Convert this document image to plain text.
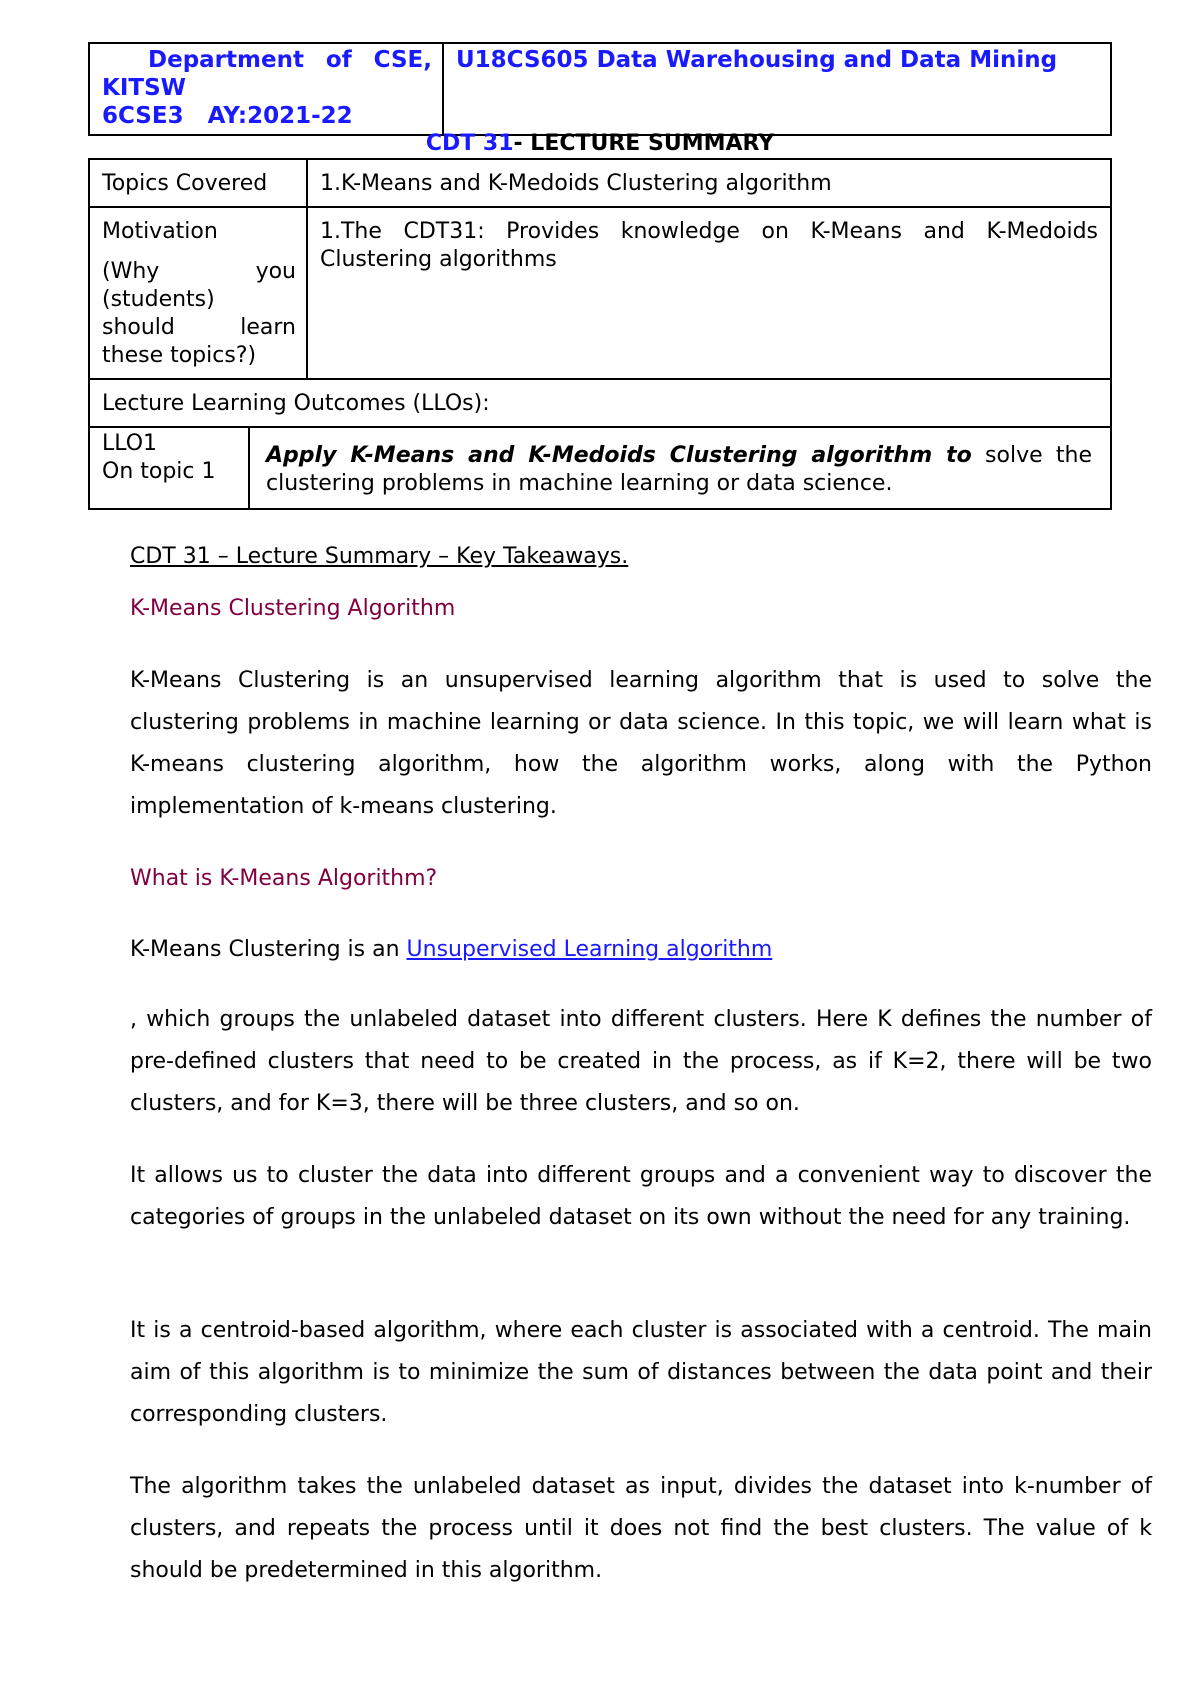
Department of CSE,
KITSW
6CSE3   AY:2021-22
	U18CS605 Data Warehousing and Data Mining
CDT 31- LECTURE SUMMARY
Topics Covered	1.K-Means and K-Medoids Clustering algorithm

Motivation
(Why you
(students)
should learn
these topics?)
	1.The CDT31: Provides knowledge on K-Means and K-Medoids Clustering algorithms
Lecture Learning Outcomes (LLOs):

LLO1
On topic 1
	Apply K-Means and K-Medoids Clustering algorithm to solve the clustering problems in machine learning or data science.

CDT 31 – Lecture Summary – Key Takeaways.

K-Means Clustering Algorithm

K-Means Clustering is an unsupervised learning algorithm that is used to solve the clustering problems in machine learning or data science. In this topic, we will learn what is K-means clustering algorithm, how the algorithm works, along with the Python implementation of k-means clustering.

What is K-Means Algorithm?

K-Means Clustering is an Unsupervised Learning algorithm

, which groups the unlabeled dataset into different clusters. Here K defines the number of pre-defined clusters that need to be created in the process, as if K=2, there will be two clusters, and for K=3, there will be three clusters, and so on.

It allows us to cluster the data into different groups and a convenient way to discover the categories of groups in the unlabeled dataset on its own without the need for any training.

It is a centroid-based algorithm, where each cluster is associated with a centroid. The main aim of this algorithm is to minimize the sum of distances between the data point and their corresponding clusters.

The algorithm takes the unlabeled dataset as input, divides the dataset into k-number of clusters, and repeats the process until it does not find the best clusters. The value of k should be predetermined in this algorithm.
